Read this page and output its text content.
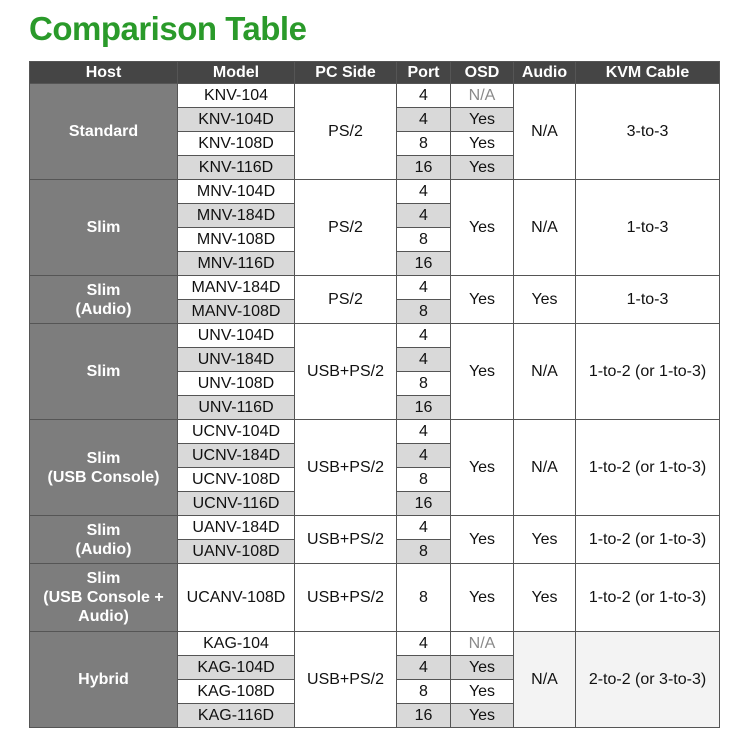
Comparison Table
Host	Model	PC Side	Port	OSD	Audio	KVM Cable

Standard	KNV-104	PS/2	4	N/A	N/A	3-to-3
	KNV-104D		4	Yes		
	KNV-108D		8	Yes		
	KNV-116D		16	Yes		

Slim	MNV-104D	PS/2	4	Yes	N/A	1-to-3
	MNV-184D		4			
	MNV-108D		8			
	MNV-116D		16			

Slim
(Audio)	MANV-184D	PS/2	4	Yes	Yes	1-to-3
	MANV-108D		8			

Slim	UNV-104D	USB+PS/2	4	Yes	N/A	1-to-2 (or 1-to-3)
	UNV-184D		4			
	UNV-108D		8			
	UNV-116D		16			

Slim
(USB Console)	UCNV-104D	USB+PS/2	4	Yes	N/A	1-to-2 (or 1-to-3)
	UCNV-184D		4			
	UCNV-108D		8			
	UCNV-116D		16			

Slim
(Audio)	UANV-184D	USB+PS/2	4	Yes	Yes	1-to-2 (or 1-to-3)
	UANV-108D		8			

Slim
(USB Console +
Audio)	UCANV-108D	USB+PS/2	8	Yes	Yes	1-to-2 (or 1-to-3)

Hybrid	KAG-104	USB+PS/2	4	N/A	N/A	2-to-2 (or 3-to-3)
	KAG-104D		4	Yes		
	KAG-108D		8	Yes		
	KAG-116D		16	Yes		
